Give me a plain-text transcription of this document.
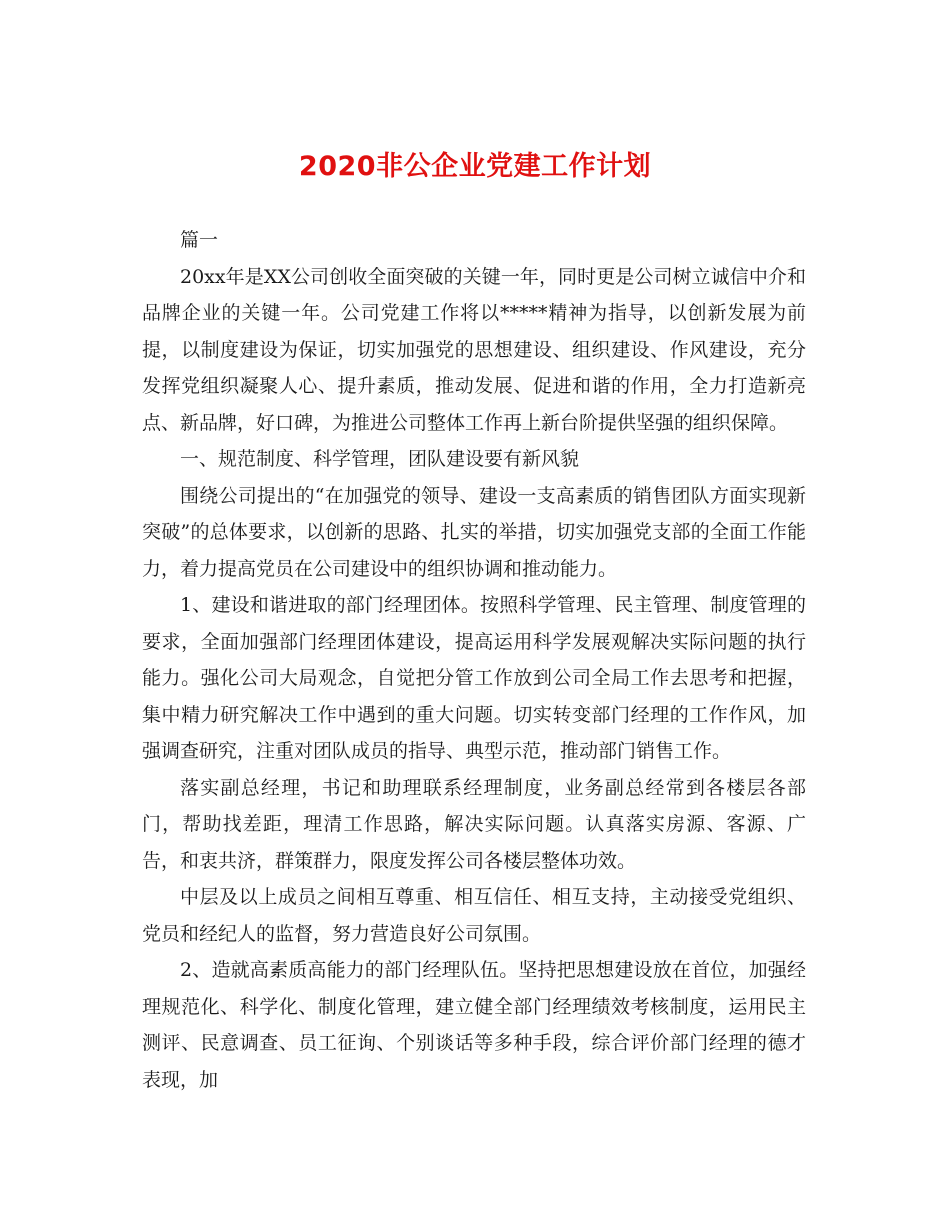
2020非公企业党建工作计划

篇一

20xx年是XX公司创收全面突破的关键一年，同时更是公司树立诚信中介和品牌企业的关键一年。公司党建工作将以*****精神为指导，以创新发展为前提，以制度建设为保证，切实加强党的思想建设、组织建设、作风建设，充分发挥党组织凝聚人心、提升素质，推动发展、促进和谐的作用，全力打造新亮点、新品牌，好口碑，为推进公司整体工作再上新台阶提供坚强的组织保障。

一、规范制度、科学管理，团队建设要有新风貌

围绕公司提出的“在加强党的领导、建设一支高素质的销售团队方面实现新突破”的总体要求，以创新的思路、扎实的举措，切实加强党支部的全面工作能力，着力提高党员在公司建设中的组织协调和推动能力。

1、建设和谐进取的部门经理团体。按照科学管理、民主管理、制度管理的要求，全面加强部门经理团体建设，提高运用科学发展观解决实际问题的执行能力。强化公司大局观念，自觉把分管工作放到公司全局工作去思考和把握，集中精力研究解决工作中遇到的重大问题。切实转变部门经理的工作作风，加强调查研究，注重对团队成员的指导、典型示范，推动部门销售工作。

落实副总经理，书记和助理联系经理制度，业务副总经常到各楼层各部门，帮助找差距，理清工作思路，解决实际问题。认真落实房源、客源、广告，和衷共济，群策群力，限度发挥公司各楼层整体功效。

中层及以上成员之间相互尊重、相互信任、相互支持，主动接受党组织、党员和经纪人的监督，努力营造良好公司氛围。

2、造就高素质高能力的部门经理队伍。坚持把思想建设放在首位，加强经理规范化、科学化、制度化管理，建立健全部门经理绩效考核制度，运用民主测评、民意调查、员工征询、个别谈话等多种手段，综合评价部门经理的德才表现，加
